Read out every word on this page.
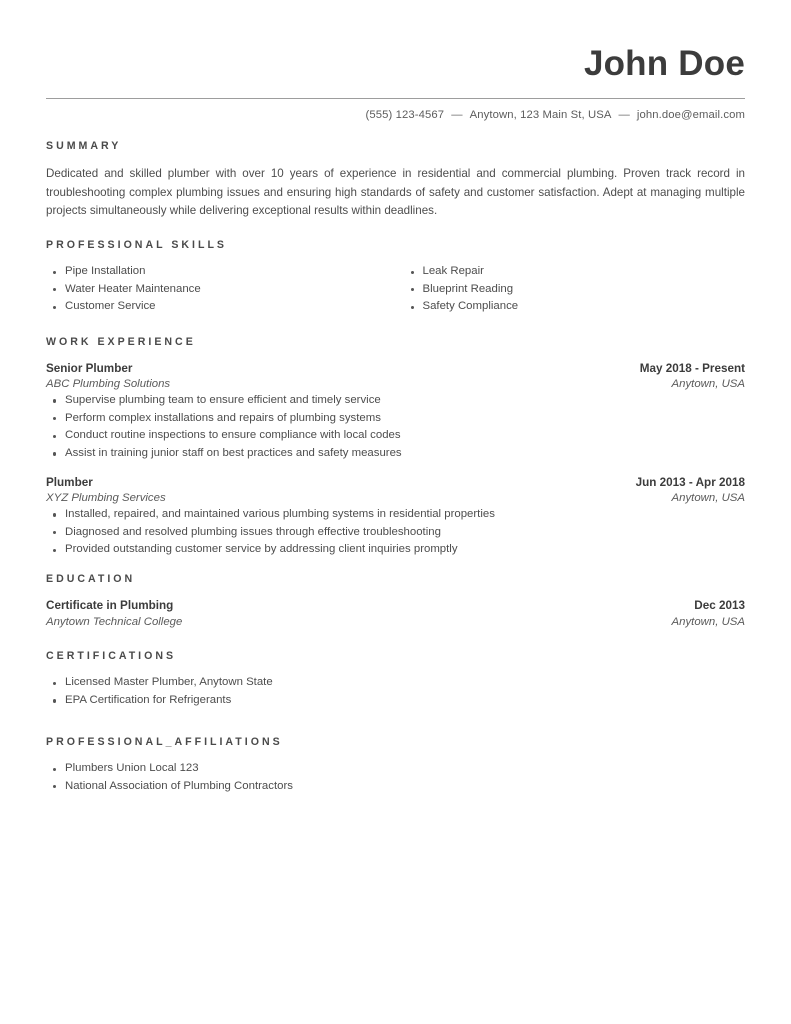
John Doe
(555) 123-4567 — Anytown, 123 Main St, USA — john.doe@email.com
SUMMARY
Dedicated and skilled plumber with over 10 years of experience in residential and commercial plumbing. Proven track record in troubleshooting complex plumbing issues and ensuring high standards of safety and customer satisfaction. Adept at managing multiple projects simultaneously while delivering exceptional results within deadlines.
PROFESSIONAL SKILLS
Pipe Installation
Water Heater Maintenance
Customer Service
Leak Repair
Blueprint Reading
Safety Compliance
WORK EXPERIENCE
Senior Plumber
ABC Plumbing Solutions
May 2018 - Present
Anytown, USA
Supervise plumbing team to ensure efficient and timely service
Perform complex installations and repairs of plumbing systems
Conduct routine inspections to ensure compliance with local codes
Assist in training junior staff on best practices and safety measures
Plumber
XYZ Plumbing Services
Jun 2013 - Apr 2018
Anytown, USA
Installed, repaired, and maintained various plumbing systems in residential properties
Diagnosed and resolved plumbing issues through effective troubleshooting
Provided outstanding customer service by addressing client inquiries promptly
EDUCATION
Certificate in Plumbing
Anytown Technical College
Dec 2013
Anytown, USA
CERTIFICATIONS
Licensed Master Plumber, Anytown State
EPA Certification for Refrigerants
PROFESSIONAL_AFFILIATIONS
Plumbers Union Local 123
National Association of Plumbing Contractors
